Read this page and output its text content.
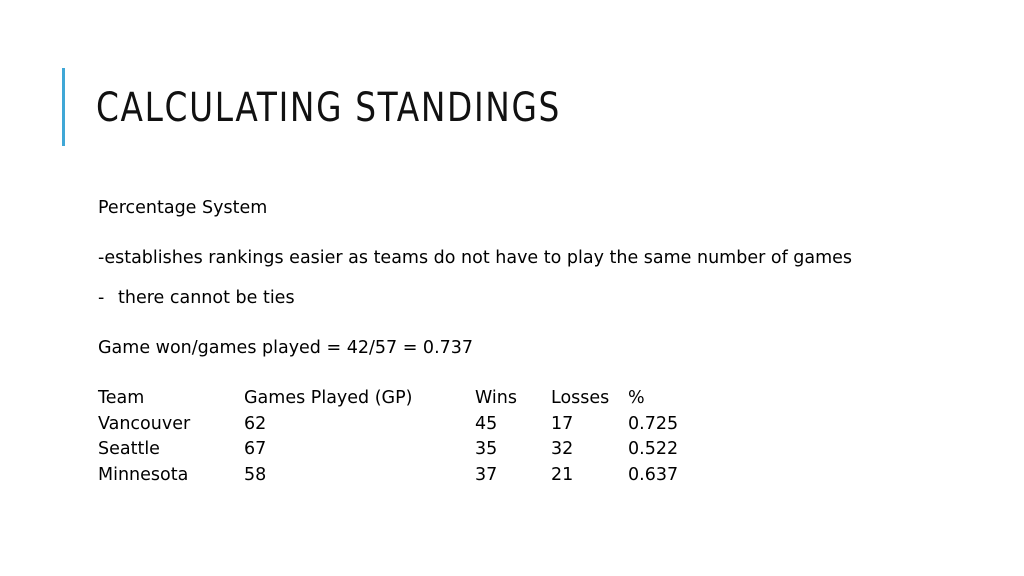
CALCULATING STANDINGS

Percentage System

-establishes rankings easier as teams do not have to play the same number of games

- there cannot be ties

Game won/games played = 42/57 = 0.737

Team	Games Played (GP)	Wins	Losses	%
Vancouver	62	45	17	0.725
Seattle	67	35	32	0.522
Minnesota	58	37	21	0.637
